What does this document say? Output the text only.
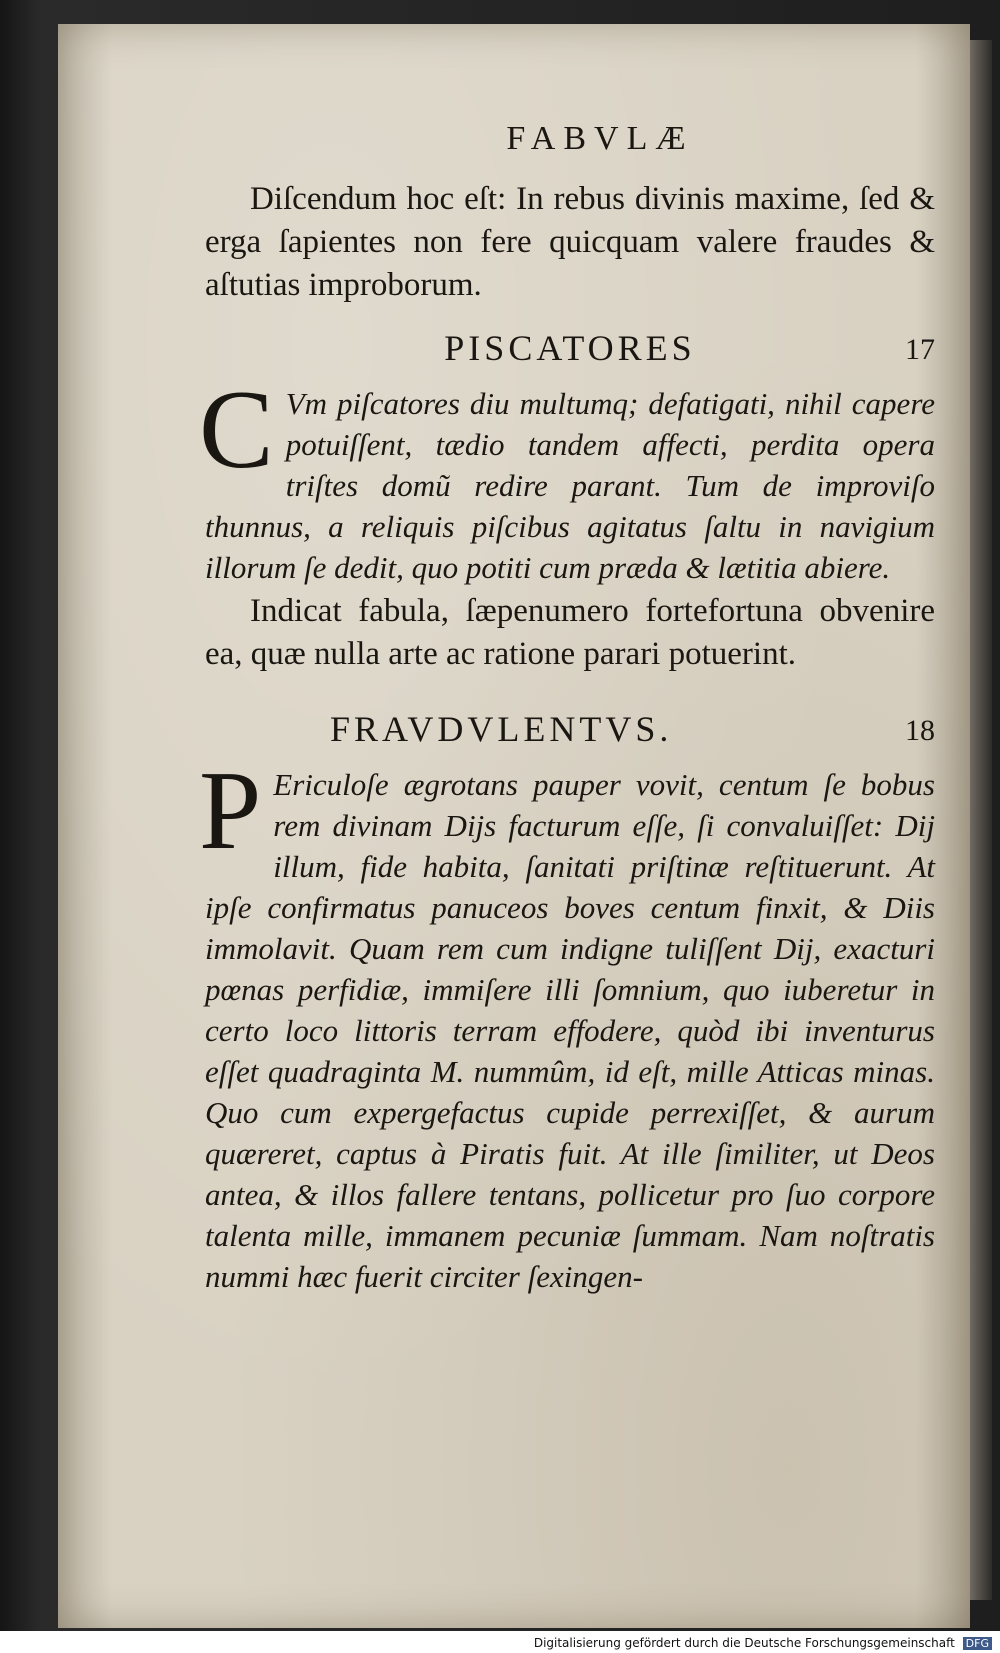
FABVLÆ

Diſcendum hoc eſt: In rebus divinis maxime, ſed & erga ſapientes non fere quicquam valere fraudes & aſtutias improborum.

PISCATORES	17

C Vm piſcatores diu multumq; defatigati, nihil capere potuiſſent, tædio tandem affecti, perdita opera triſtes domũ redire parant. Tum de improviſo thunnus, a reliquis piſcibus agitatus ſaltu in navigium illorum ſe dedit, quo potiti cum præda & lætitia abiere.

Indicat fabula, ſæpenumero fortefortuna obvenire ea, quæ nulla arte ac ratione parari potuerint.

FRAVDVLENTVS.	18

P Ericuloſe ægrotans pauper vovit, centum ſe bobus rem divinam Dijs facturum eſſe, ſi convaluiſſet: Dij illum, fide habita, ſanitati priſtinæ reſtituerunt. At ipſe confirmatus panuceos boves centum finxit, & Diis immolavit. Quam rem cum indigne tuliſſent Dij, exacturi pœnas perfidiæ, immiſere illi ſomnium, quo iuberetur in certo loco littoris terram effodere, quòd ibi inventurus eſſet quadraginta M. nummûm, id eſt, mille Atticas minas. Quo cum expergefactus cupide perrexiſſet, & aurum quæreret, captus à Piratis fuit. At ille ſimiliter, ut Deos antea, & illos fallere tentans, pollicetur pro ſuo corpore talenta mille, immanem pecuniæ ſummam. Nam noſtratis nummi hæc fuerit circiter ſexingen-

Digitalisierung gefördert durch die Deutsche Forschungsgemeinschaft DFG
